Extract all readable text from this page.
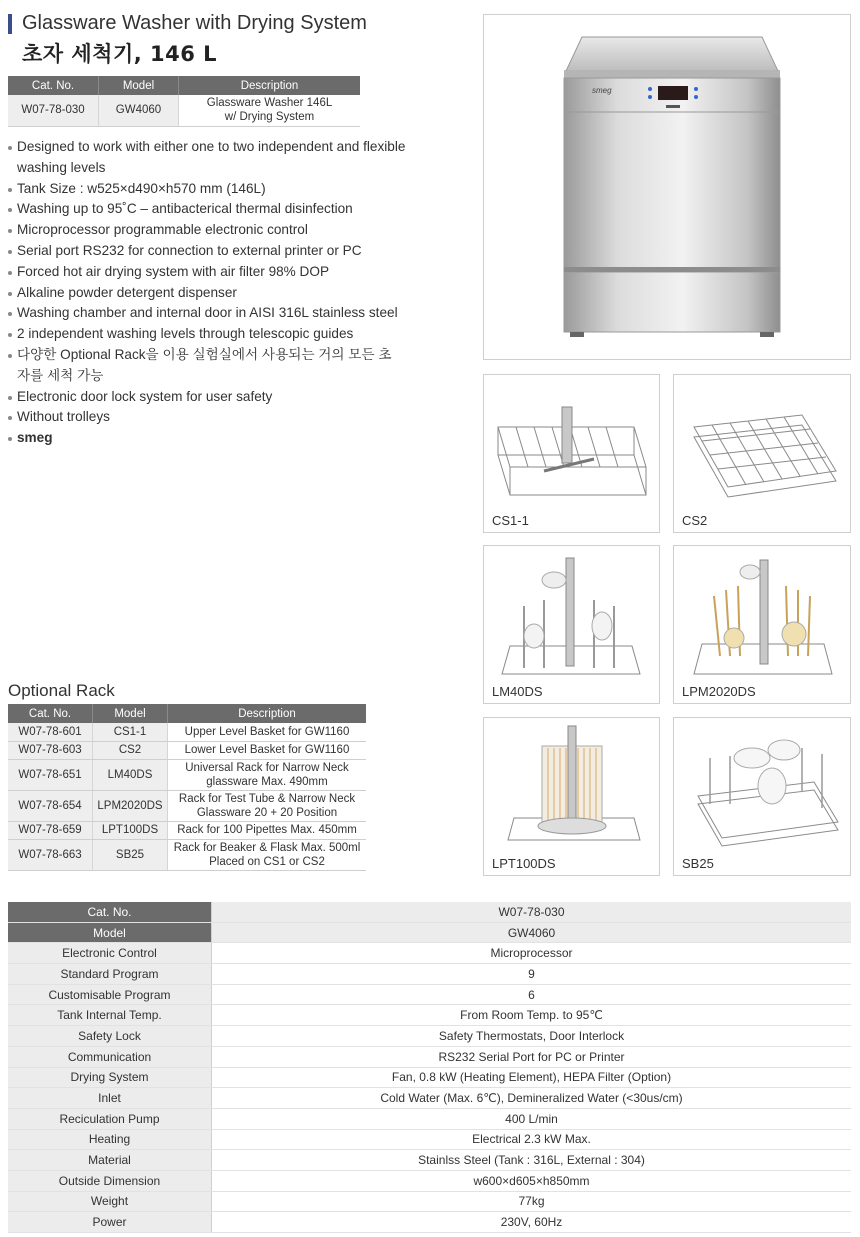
Glassware Washer with Drying System
초자 세척기, 146 L
Cat. No.	Model	Description
W07-78-030	GW4060	Glassware Washer 146L
w/ Drying System
Designed to work with either one to two independent and flexible washing levels
Tank Size : w525×d490×h570 mm (146L)
Washing up to 95˚C – antibacterical thermal disinfection
Microprocessor programmable electronic control
Serial port RS232 for connection to external printer or PC
Forced hot air drying system with air filter 98% DOP
Alkaline powder detergent dispenser
Washing chamber and internal door in AISI 316L stainless steel
2 independent washing levels through telescopic guides
다양한 Optional Rack을 이용 실험실에서 사용되는 거의 모든 초자를 세척 가능
Electronic door lock system for user safety
Without trolleys
smeg
Optional Rack
Cat. No.	Model	Description
W07-78-601	CS1-1	Upper Level Basket for GW1160
W07-78-603	CS2	Lower Level Basket for GW1160
W07-78-651	LM40DS	Universal Rack for Narrow Neck
glassware Max. 490mm

W07-78-654	LPM2020DS	Rack for Test Tube & Narrow Neck
Glassware 20 + 20 Position

W07-78-659	LPT100DS	Rack for 100 Pipettes Max. 450mm
W07-78-663	SB25	Rack for Beaker & Flask Max. 500ml
Placed on CS1 or CS2
smeg
CS1-1	CS2
LM40DS	LPM2020DS
LPT100DS	SB25
Cat. No.	W07-78-030
Model	GW4060
Electronic Control	Microprocessor
Standard Program	9
Customisable Program	6
Tank Internal Temp.	From Room Temp. to 95℃
Safety Lock	Safety Thermostats, Door Interlock
Communication	RS232 Serial Port for PC or Printer
Drying System	Fan, 0.8 kW (Heating Element), HEPA Filter (Option)
Inlet	Cold Water (Max. 6℃), Demineralized Water (<30us/cm)
Reciculation Pump	400 L/min
Heating	Electrical 2.3 kW Max.
Material	Stainlss Steel (Tank : 316L, External : 304)
Outside Dimension	w600×d605×h850mm
Weight	77kg
Power	230V, 60Hz
